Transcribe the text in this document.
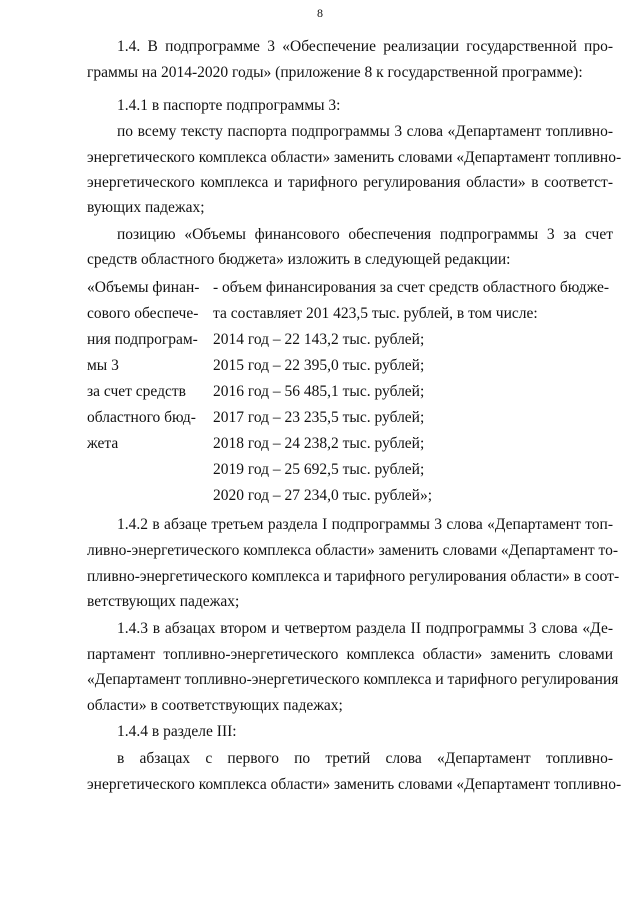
8
1.4. В подпрограмме 3 «Обеспечение реализации государственной про-
граммы на 2014-2020 годы» (приложение 8 к государственной программе):
1.4.1 в паспорте подпрограммы 3:
по всему тексту паспорта подпрограммы 3 слова «Департамент топливно-
энергетического комплекса области» заменить словами «Департамент топливно-
энергетического комплекса и тарифного регулирования области» в соответст-
вующих падежах;
позицию «Объемы финансового обеспечения подпрограммы 3 за счет
средств областного бюджета» изложить в следующей редакции:
«Объемы финан-
сового обеспече-
ния подпрограм-
мы 3
за счет средств
областного бюд-
жета
- объем финансирования за счет средств областного бюдже-
та составляет 201 423,5 тыс. рублей, в том числе:
2014 год – 22 143,2 тыс. рублей;
2015 год – 22 395,0 тыс. рублей;
2016 год – 56 485,1 тыс. рублей;
2017 год – 23 235,5 тыс. рублей;
2018 год – 24 238,2 тыс. рублей;
2019 год – 25 692,5 тыс. рублей;
2020 год – 27 234,0 тыс. рублей»;
1.4.2 в абзаце третьем раздела I подпрограммы 3 слова «Департамент топ-
ливно-энергетического комплекса области» заменить словами «Департамент то-
пливно-энергетического комплекса и тарифного регулирования области» в соот-
ветствующих падежах;
1.4.3 в абзацах втором и четвертом раздела II подпрограммы 3 слова «Де-
партамент топливно-энергетического комплекса области» заменить словами
«Департамент топливно-энергетического комплекса и тарифного регулирования
области» в соответствующих падежах;
1.4.4 в разделе III:
в абзацах с первого по третий слова «Департамент топливно-
энергетического комплекса области» заменить словами «Департамент топливно-
